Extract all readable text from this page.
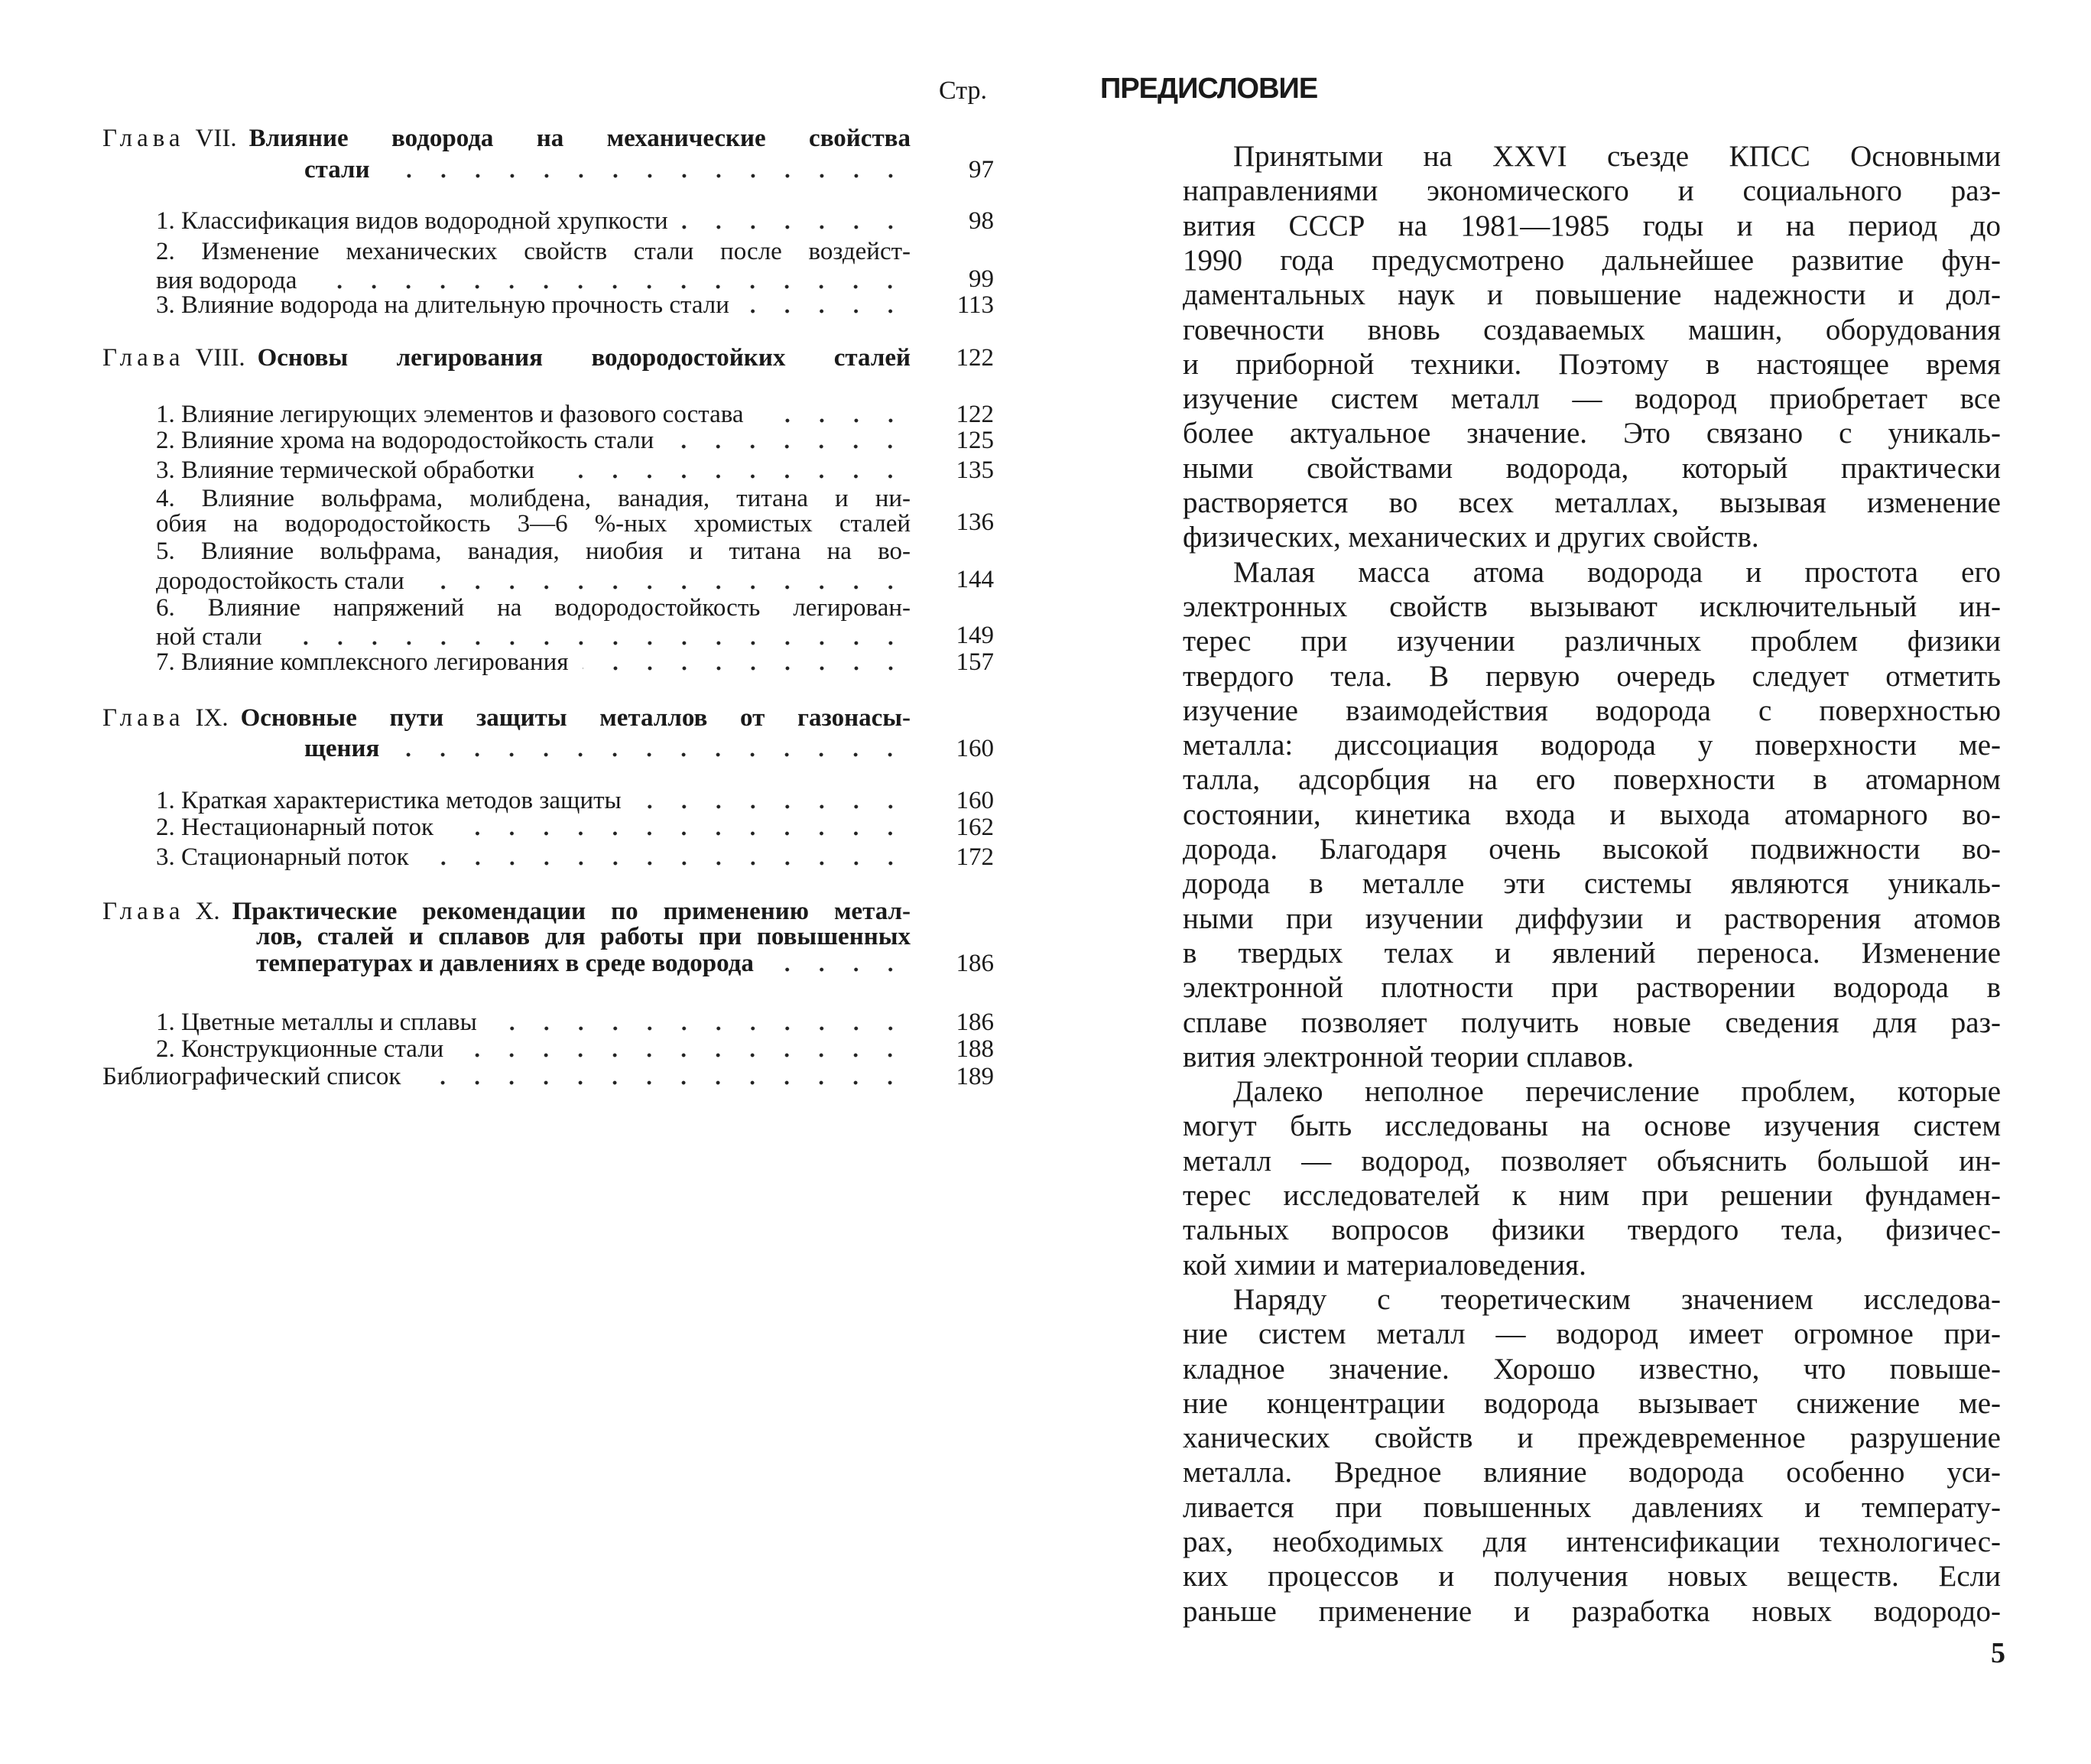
Глава VII. Влияние водорода на механические свойства
стали	97
1. Классификация видов водородной хрупкости	98
2. Изменение механических свойств стали после воздейст-
вия водорода	99
3. Влияние водорода на длительную прочность стали	113
Глава VIII. Основы легирования водородостойких сталей	122
1. Влияние легирующих элементов и фазового состава	122
2. Влияние хрома на водородостойкость стали	125
3. Влияние термической обработки	135
4. Влияние вольфрама, молибдена, ванадия, титана и ни-
обия на водородостойкость 3—6 %-ных хромистых сталей	136
5. Влияние вольфрама, ванадия, ниобия и титана на во-
дородостойкость стали	144
6. Влияние напряжений на водородостойкость легирован-
ной стали	149
7. Влияние комплексного легирования	157
Глава IX. Основные пути защиты металлов от газонасы-
щения	160
1. Краткая характеристика методов защиты	160
2. Нестационарный поток	162
3. Стационарный поток	172
Глава X. Практические рекомендации по применению метал-
лов, сталей и сплавов для работы при повышенных
температурах и давлениях в среде водорода	186
1. Цветные металлы и сплавы	186
2. Конструкционные стали	188
Библиографический список	189
Стр.	ПРЕДИСЛОВИЕ
Принятыми на XXVI съезде КПСС Основными
направлениями экономического и социального раз-
вития СССР на 1981—1985 годы и на период до
1990 года предусмотрено дальнейшее развитие фун-
даментальных наук и повышение надежности и дол-
говечности вновь создаваемых машин, оборудования
и приборной техники. Поэтому в настоящее время
изучение систем металл — водород приобретает все
более актуальное значение. Это связано с уникаль-
ными свойствами водорода, который практически
растворяется во всех металлах, вызывая изменение
физических, механических и других свойств.
Малая масса атома водорода и простота его
электронных свойств вызывают исключительный ин-
терес при изучении различных проблем физики
твердого тела. В первую очередь следует отметить
изучение взаимодействия водорода с поверхностью
металла: диссоциация водорода у поверхности ме-
талла, адсорбция на его поверхности в атомарном
состоянии, кинетика входа и выхода атомарного во-
дорода. Благодаря очень высокой подвижности во-
дорода в металле эти системы являются уникаль-
ными при изучении диффузии и растворения атомов
в твердых телах и явлений переноса. Изменение
электронной плотности при растворении водорода в
сплаве позволяет получить новые сведения для раз-
вития электронной теории сплавов.
Далеко неполное перечисление проблем, которые
могут быть исследованы на основе изучения систем
металл — водород, позволяет объяснить большой ин-
терес исследователей к ним при решении фундамен-
тальных вопросов физики твердого тела, физичес-
кой химии и материаловедения.
Наряду с теоретическим значением исследова-
ние систем металл — водород имеет огромное при-
кладное значение. Хорошо известно, что повыше-
ние концентрации водорода вызывает снижение ме-
ханических свойств и преждевременное разрушение
металла. Вредное влияние водорода особенно уси-
ливается при повышенных давлениях и температу-
рах, необходимых для интенсификации технологичес-
ких процессов и получения новых веществ. Если
раньше применение и разработка новых водородо-
5
